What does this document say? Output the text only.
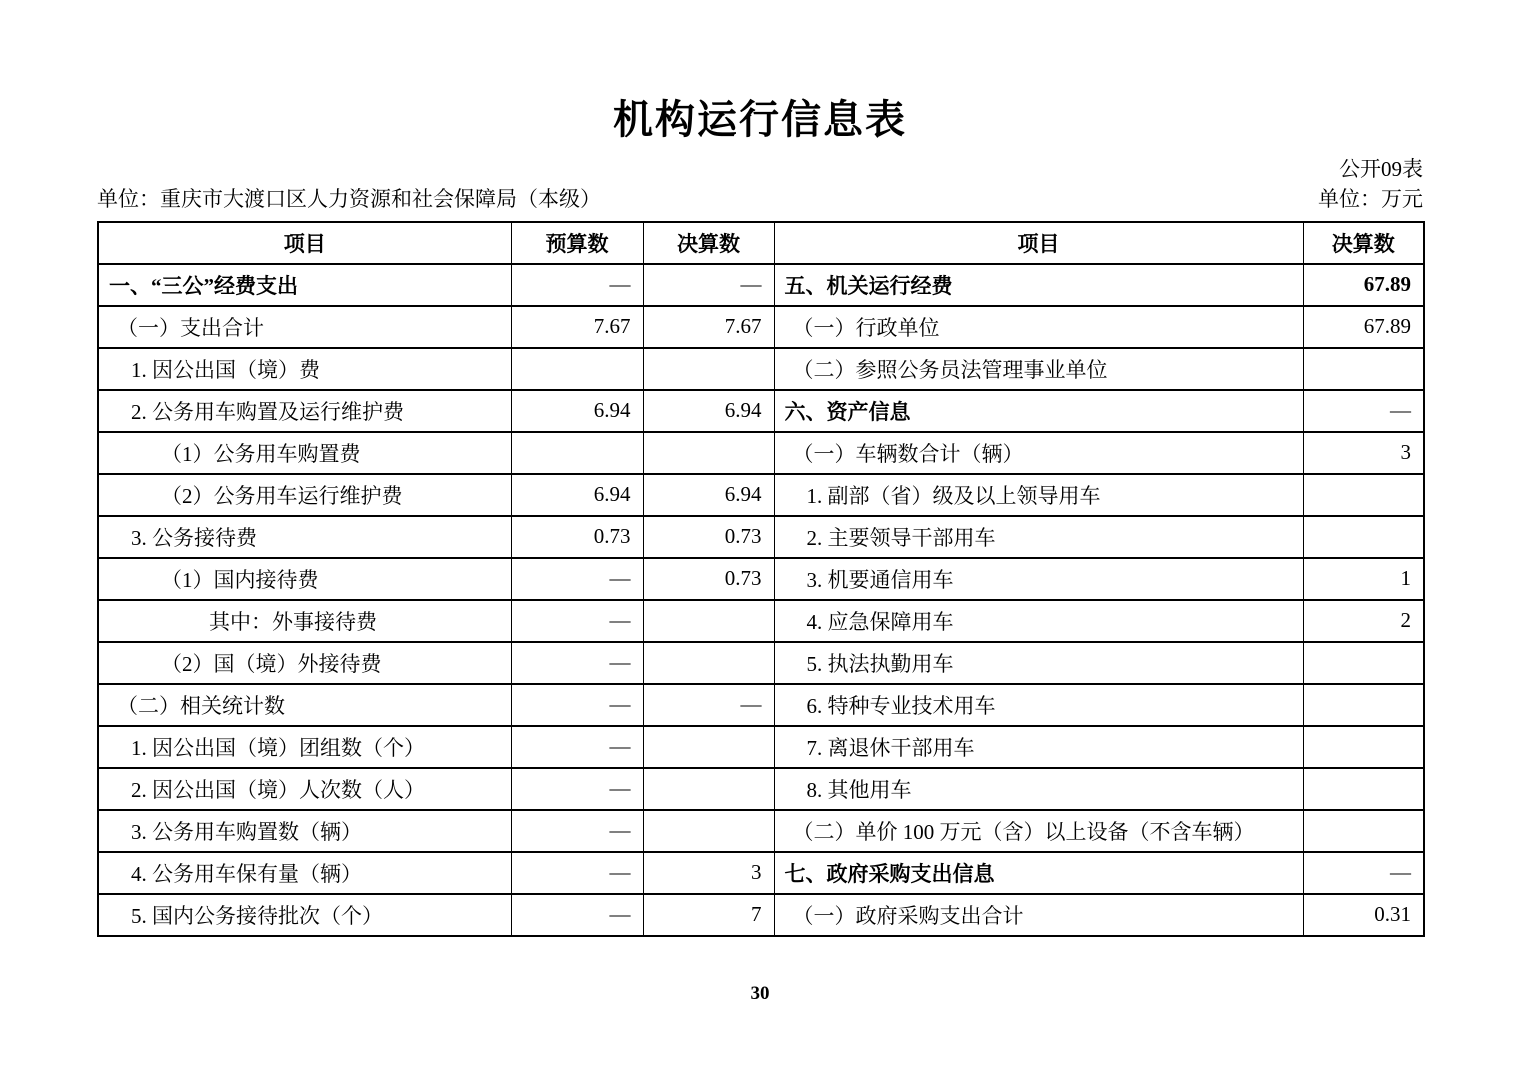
机构运行信息表
公开09表
单位：重庆市大渡口区人力资源和社会保障局（本级）	单位：万元
项目	预算数	决算数	项目	决算数
一、“三公”经费支出	—	—	五、机关运行经费	67.89
（一）支出合计	7.67	7.67	（一）行政单位	67.89
1. 因公出国（境）费			（二）参照公务员法管理事业单位	
2. 公务用车购置及运行维护费	6.94	6.94	六、资产信息	—
（1）公务用车购置费			（一）车辆数合计（辆）	3
（2）公务用车运行维护费	6.94	6.94	1. 副部（省）级及以上领导用车	
3. 公务接待费	0.73	0.73	2. 主要领导干部用车	
（1）国内接待费	—	0.73	3. 机要通信用车	1
其中：外事接待费	—		4. 应急保障用车	2
（2）国（境）外接待费	—		5. 执法执勤用车	
（二）相关统计数	—	—	6. 特种专业技术用车	
1. 因公出国（境）团组数（个）	—		7. 离退休干部用车	
2. 因公出国（境）人次数（人）	—		8. 其他用车	
3. 公务用车购置数（辆）	—		（二）单价 100 万元（含）以上设备（不含车辆）	
4. 公务用车保有量（辆）	—	3	七、政府采购支出信息	—
5. 国内公务接待批次（个）	—	7	（一）政府采购支出合计	0.31
30
